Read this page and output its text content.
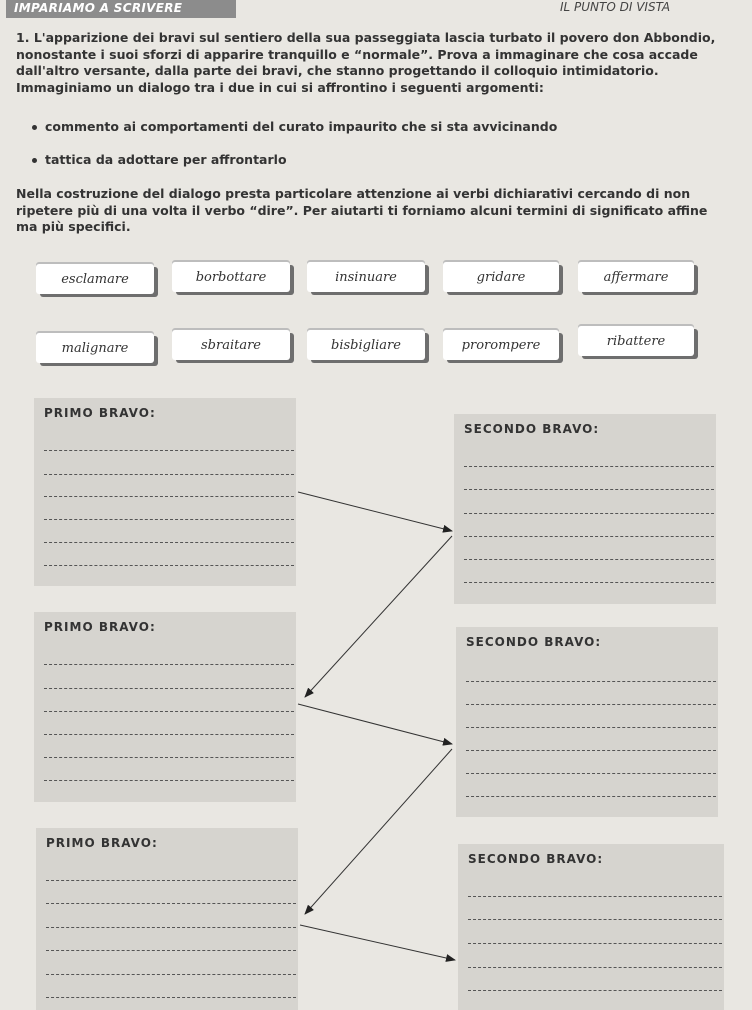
IMPARIAMO A SCRIVERE	IL PUNTO DI VISTA
1. L'apparizione dei bravi sul sentiero della sua passeggiata lascia turbato il povero don Abbondio, nonostante i suoi sforzi di apparire tranquillo e “normale”. Prova a immaginare che cosa accade dall'altro versante, dalla parte dei bravi, che stanno progettando il colloquio intimidatorio. Immaginiamo un dialogo tra i due in cui si affrontino i seguenti argomenti:
commento ai comportamenti del curato impaurito che si sta avvicinando
tattica da adottare per affrontarlo
Nella costruzione del dialogo presta particolare attenzione ai verbi dichiarativi cercando di non ripetere più di una volta il verbo “dire”. Per aiutarti ti forniamo alcuni termini di significato affine ma più specifici.
esclamare	borbottare	insinuare	gridare	affermare
malignare	sbraitare	bisbigliare	prorompere	ribattere
PRIMO BRAVO:
SECONDO BRAVO:
PRIMO BRAVO:
SECONDO BRAVO:
PRIMO BRAVO:
SECONDO BRAVO:
